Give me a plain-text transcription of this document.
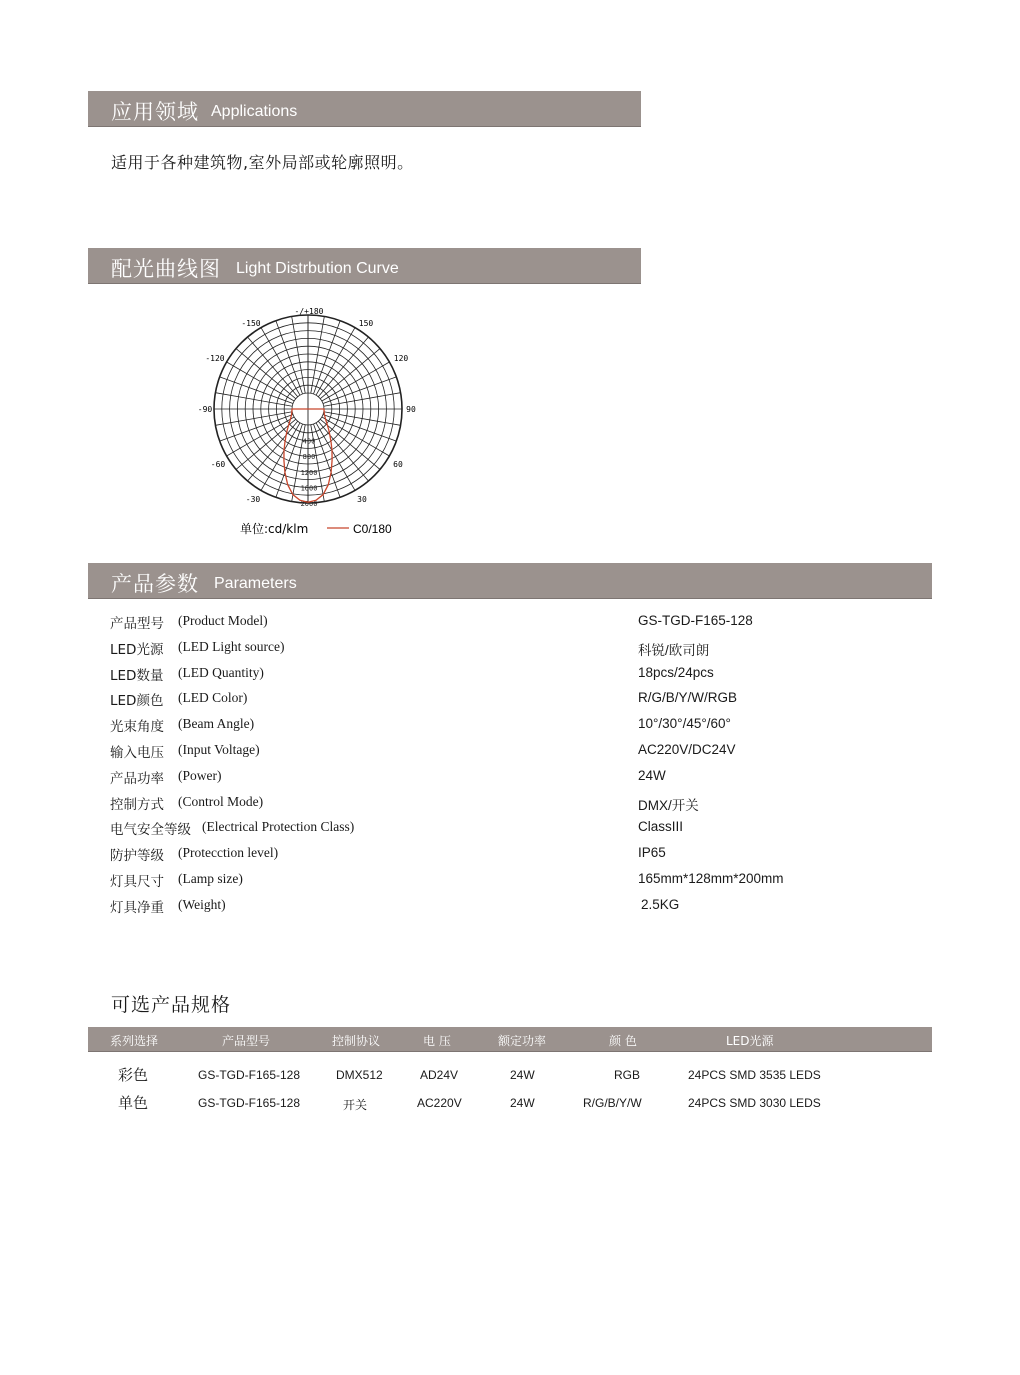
应用领域 Applications
适用于各种建筑物,室外局部或轮廓照明。
配光曲线图 Light Distrbution Curve
-/+180
-150	150
-120	120
-90	90
-60	60
-30	30
400
800
1200
1600
2000
单位:cd/klm	C0/180
产品参数 Parameters
产品型号 (Product Model)	GS-TGD-F165-128
LED光源 (LED Light source)	科锐/欧司朗
LED数量 (LED Quantity)	18pcs/24pcs
LED颜色 (LED Color)	R/G/B/Y/W/RGB
光束角度 (Beam Angle)	10°/30°/45°/60°
输入电压 (Input Voltage)	AC220V/DC24V
产品功率 (Power)	24W
控制方式 (Control Mode)	DMX/开关
电气安全等级 (Electrical Protection Class)	ClassIII
防护等级 (Protecction level)	IP65
灯具尺寸 (Lamp size)	165mm*128mm*200mm
灯具净重 (Weight)	2.5KG
可选产品规格
系列选择	产品型号	控制协议	电 压	额定功率	颜 色	LED光源
彩色	GS-TGD-F165-128	DMX512	AD24V	24W	RGB	24PCS SMD 3535 LEDS
单色	GS-TGD-F165-128	开关	AC220V	24W	R/G/B/Y/W	24PCS SMD 3030 LEDS
